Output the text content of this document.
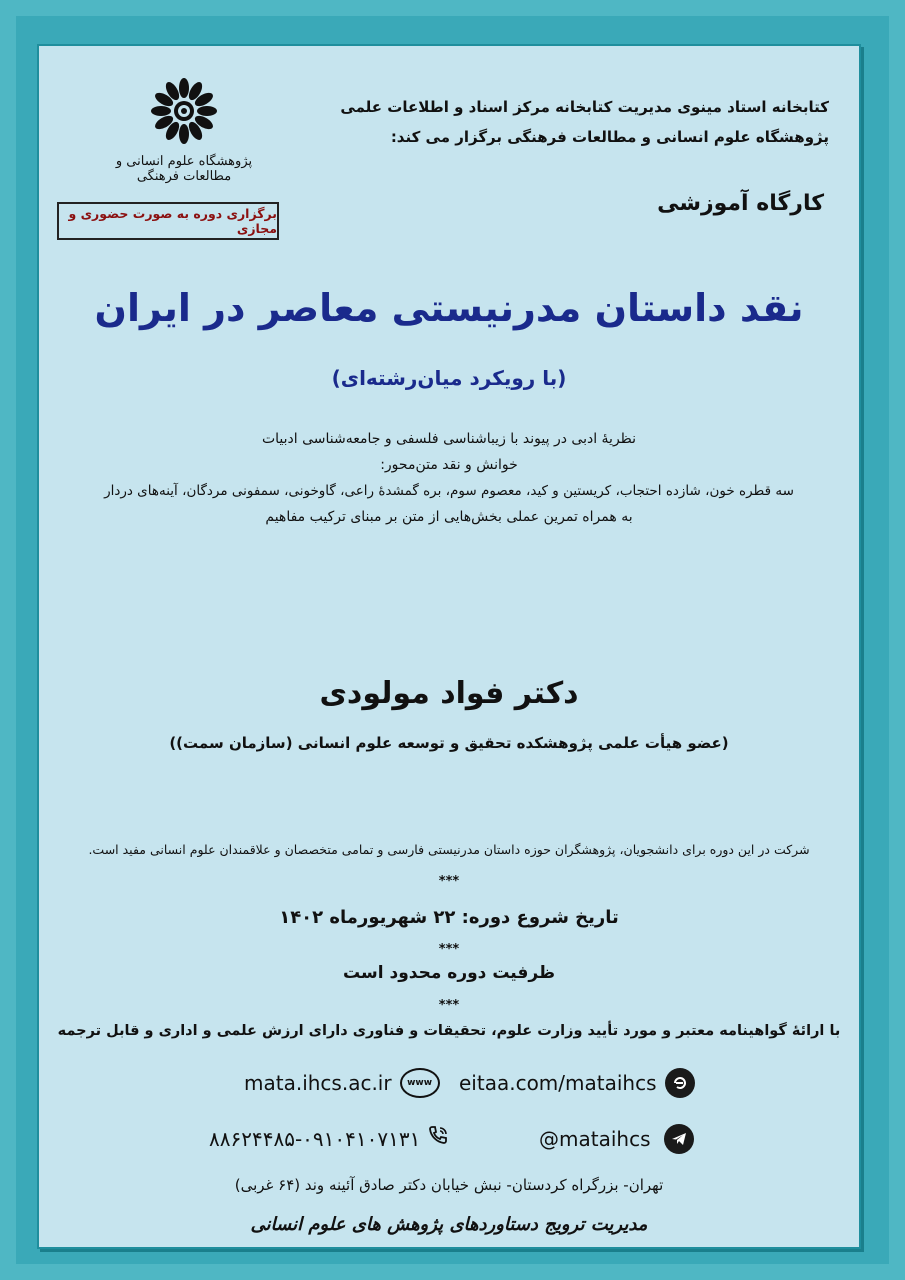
پژوهشگاه علوم انسانی و مطالعات فرهنگی
برگزاری دوره به صورت حضوری و مجازی
کتابخانه استاد مینوی مدیریت کتابخانه مرکز اسناد و اطلاعات علمی
پژوهشگاه علوم انسانی و مطالعات فرهنگی برگزار می کند:
کارگاه آموزشی
نقد داستان مدرنیستی معاصر در ایران
(با رویکرد میان‌رشته‌ای)
نظریهٔ ادبی در پیوند با زیباشناسی فلسفی و جامعه‌شناسی ادبیات
خوانش و نقد متن‌محور:
سه قطره خون، شازده احتجاب، کریستین و کید، معصوم سوم، بره گمشدهٔ راعی، گاوخونی، سمفونی مردگان، آینه‌های دردار
به همراه تمرین عملی بخش‌هایی از متن بر مبنای ترکیب مفاهیم
دکتر فواد مولودی
(عضو هیأت علمی پژوهشکده تحقیق و توسعه علوم انسانی (سازمان سمت))
شرکت در این دوره برای دانشجویان، پژوهشگران حوزه داستان مدرنیستی فارسی و تمامی متخصصان و علاقمندان علوم انسانی مفید است.
***
تاریخ شروع دوره: ۲۲ شهریورماه ۱۴۰۲
***
ظرفیت دوره محدود است
***
با ارائهٔ گواهینامه معتبر و مورد تأیید وزارت علوم، تحقیقات و فناوری دارای ارزش علمی و اداری و قابل ترجمه
mata.ihcs.ac.ir	www	eitaa.com/mataihcs
۸۸۶۲۴۴۸۵-۰۹۱۰۴۱۰۷۱۳۱	@mataihcs
تهران- بزرگراه کردستان- نبش خیابان دکتر صادق آئینه وند (۶۴ غربی)
مدیریت ترویج دستاوردهای پژوهش های علوم انسانی
